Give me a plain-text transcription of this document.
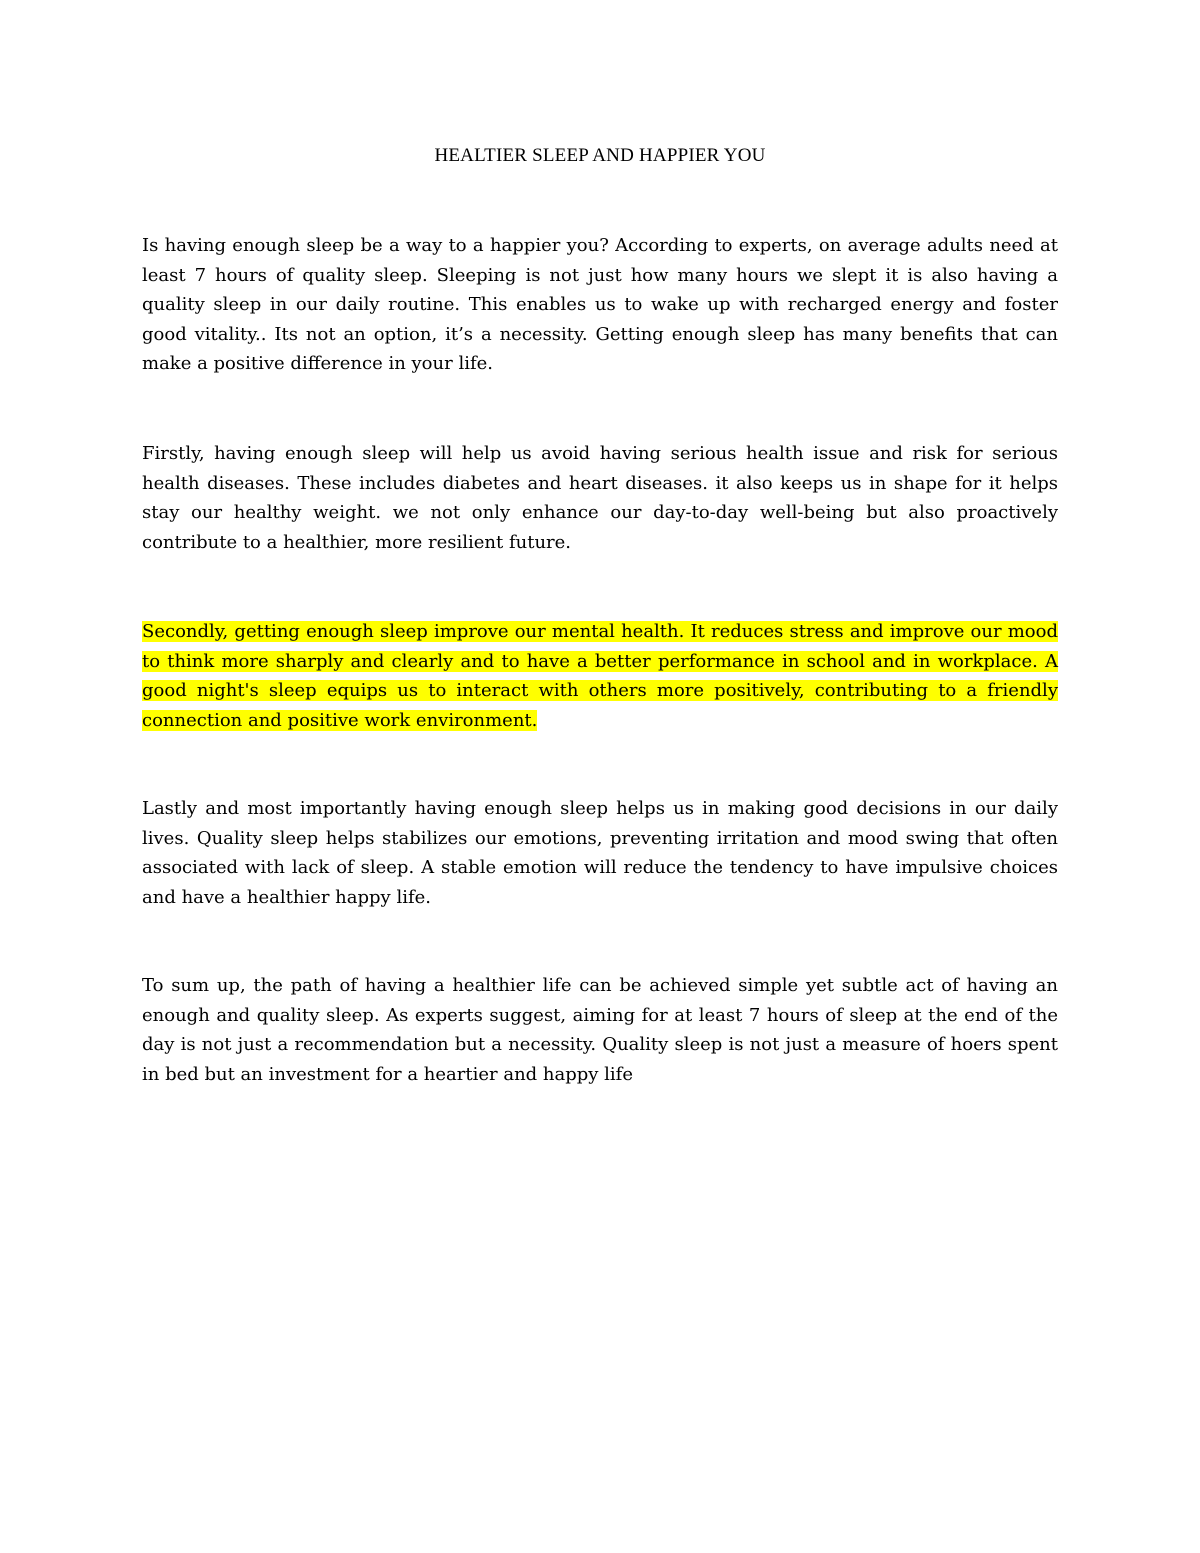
HEALTIER SLEEP AND HAPPIER YOU

Is having enough sleep be a way to a happier you? According to experts, on average adults need at least 7 hours of quality sleep. Sleeping is not just how many hours we slept it is also having a quality sleep in our daily routine. This enables us to wake up with recharged energy and foster good vitality.. Its not an option, it’s a necessity. Getting enough sleep has many benefits that can make a positive difference in your life.

Firstly, having enough sleep will help us avoid having serious health issue and risk for serious health diseases. These includes diabetes and heart diseases. it also keeps us in shape for it helps stay our healthy weight. we not only enhance our day-to-day well-being but also proactively contribute to a healthier, more resilient future.

Secondly, getting enough sleep improve our mental health. It reduces stress and improve our mood to think more sharply and clearly and to have a better performance in school and in workplace. A good night's sleep equips us to interact with others more positively, contributing to a friendly connection and positive work environment.

Lastly and most importantly having enough sleep helps us in making good decisions in our daily lives. Quality sleep helps stabilizes our emotions, preventing irritation and mood swing that often associated with lack of sleep. A stable emotion will reduce the tendency to have impulsive choices and have a healthier happy life.

To sum up, the path of having a healthier life can be achieved simple yet subtle act of having an enough and quality sleep. As experts suggest, aiming for at least 7 hours of sleep at the end of the day is not just a recommendation but a necessity. Quality sleep is not just a measure of hoers spent in bed but an investment for a heartier and happy life
